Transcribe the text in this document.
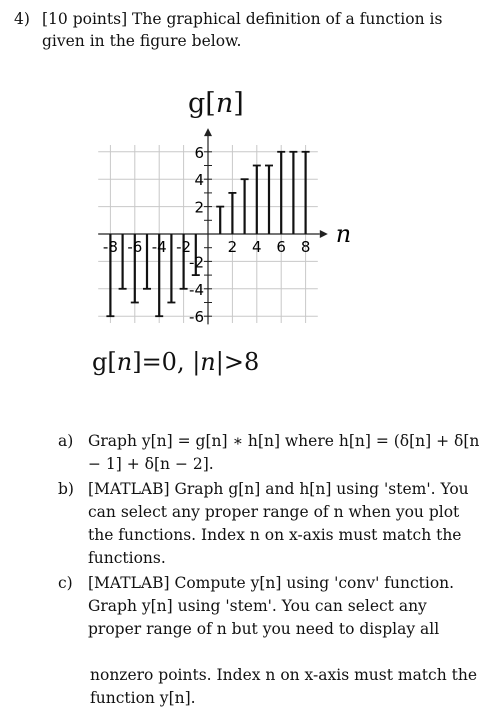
4) [10 points] The graphical definition of a function is given in the figure below.
g[n]
n
-8 -6 -4 -2 2 4 6 8
6
4
2
-2
-4
-6
g[n]=0, |n|>8
a) Graph y[n] = g[n] ∗ h[n] where h[n] = (δ[n] + δ[n − 1] + δ[n − 2].
b) [MATLAB] Graph g[n] and h[n] using 'stem'. You can select any proper range of n when you plot the functions. Index n on x-axis must match the functions.
c) [MATLAB] Compute y[n] using 'conv' function. Graph y[n] using 'stem'. You can select any proper range of n but you need to display all
nonzero points. Index n on x-axis must match the function y[n].
